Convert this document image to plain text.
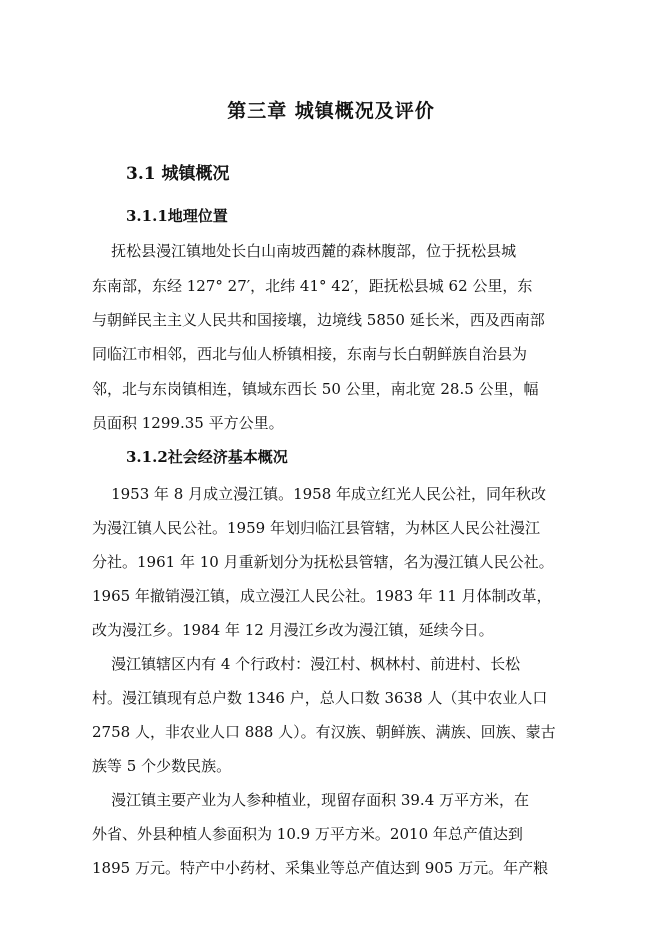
第三章 城镇概况及评价
3.1 城镇概况
3.1.1地理位置
抚松县漫江镇地处长白山南坡西麓的森林腹部，位于抚松县城
东南部，东经 127° 27′，北纬 41° 42′，距抚松县城 62 公里，东
与朝鲜民主主义人民共和国接壤，边境线 5850 延长米，西及西南部
同临江市相邻，西北与仙人桥镇相接，东南与长白朝鲜族自治县为
邻，北与东岗镇相连，镇域东西长 50 公里，南北宽 28.5 公里，幅
员面积 1299.35 平方公里。
3.1.2社会经济基本概况
1953 年 8 月成立漫江镇。1958 年成立红光人民公社，同年秋改
为漫江镇人民公社。1959 年划归临江县管辖，为林区人民公社漫江
分社。1961 年 10 月重新划分为抚松县管辖，名为漫江镇人民公社。
1965 年撤销漫江镇，成立漫江人民公社。1983 年 11 月体制改革，
改为漫江乡。1984 年 12 月漫江乡改为漫江镇，延续今日。
漫江镇辖区内有 4 个行政村：漫江村、枫林村、前进村、长松
村。漫江镇现有总户数 1346 户，总人口数 3638 人（其中农业人口
2758 人，非农业人口 888 人）。有汉族、朝鲜族、满族、回族、蒙古
族等 5 个少数民族。
漫江镇主要产业为人参种植业，现留存面积 39.4 万平方米，在
外省、外县种植人参面积为 10.9 万平方米。2010 年总产值达到
1895 万元。特产中小药材、采集业等总产值达到 905 万元。年产粮
